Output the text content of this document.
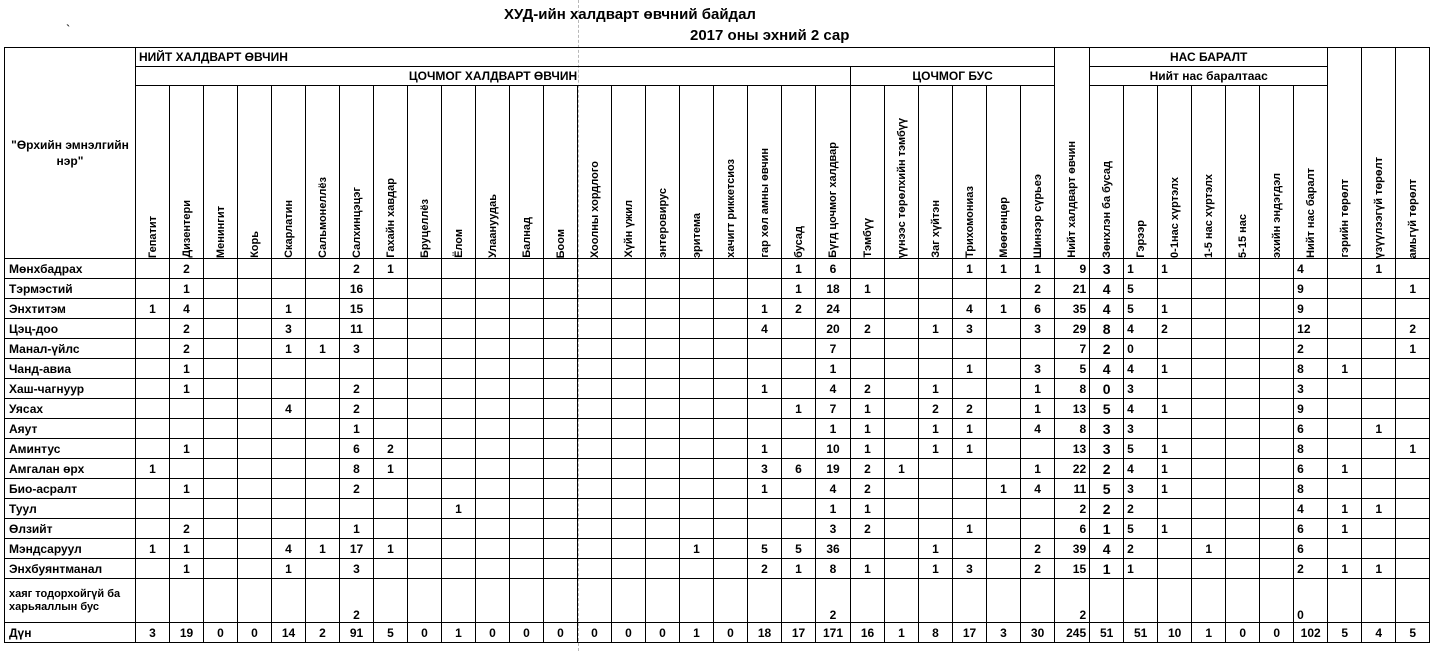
ХУД-ийн халдварт өвчний байдал
`	2017 оны эхний 2 сар
"Өрхийн эмнэлгийн нэр"	НИЙТ ХАЛДВАРТ ӨВЧИН																											Нийт халдварт өвчин	НАС БАРАЛТ							гэрийн төрөлт	үзүүлээгүй төрөлт	амьгүй төрөлт

	ЦОЧМОГ ХАЛДВАРТ ӨВЧИН																					ЦОЧМОГ БУС							Нийт нас баралтаас									

	Гепатит	Дизентери	Менингит	Корь	Скарлатин	Сальмонеллёз	Салхинцэцэг	Гахайн хавдар	Бруцеллёз	Ёлом	Улаануудаь	Балнад	Боом	Хоолны хордлого	Хүйн үжил	энтеровирус	эритема	хачигт риккетсиоз	гар хөл амны өвчин	бусад	Бүгд цочмог халдвар	Тэмбүү	үүнээс төрөлхийн тэмбүү	Заг хүйтэн	Трихомониаз	Мөөгөнцөр	Шинээр сүрьеэ		Зөнхлэн ба бусад	Гэрээр	0-1нас хүртэлх	1-5 нас хүртэлх	5-15 нас	эхийн эндэгдэл	Нийт нас баралт			

Мөнхбадрах		2					2	1												1	6				1	1	1	9	3	1	1				4		1	
Тэрмэстий		1					16													1	18	1					2	21	4	5					9			1
Энхтитэм	1	4			1		15												1	2	24				4	1	6	35	4	5	1				9			
Цэц-доо		2			3		11												4		20	2		1	3		3	29	8	4	2				12			2
Манал-үйлс		2			1	1	3														7							7	2	0					2			1
Чанд-авиа		1																			1				1		3	5	4	4	1				8	1		
Хаш-чагнуур		1					2												1		4	2		1			1	8	0	3					3			
Уясах					4		2													1	7	1		2	2		1	13	5	4	1				9			
Аяут							1														1	1		1	1		4	8	3	3					6		1	
Аминтус		1					6	2											1		10	1		1	1			13	3	5	1				8			1
Амгалан өрх	1						8	1											3	6	19	2	1				1	22	2	4	1				6	1		
Био-асралт		1					2												1		4	2				1	4	11	5	3	1				8			
Туул										1											1	1						2	2	2					4	1	1	
Өлзийт		2					1														3	2			1			6	1	5	1				6	1		
Мэндсаруул	1	1			4	1	17	1									1		5	5	36			1			2	39	4	2		1			6			
Энхбуянтманал		1			1		3												2	1	8	1		1	3		2	15	1	1					2	1	1	
хаяг тодорхойгүй ба харьяаллын бус							2														2							2							0			
Дүн	3	19	0	0	14	2	91	5	0	1	0	0	0	0	0	0	1	0	18	17	171	16	1	8	17	3	30	245	51	51	10	1	0	0	102	5	4	5
